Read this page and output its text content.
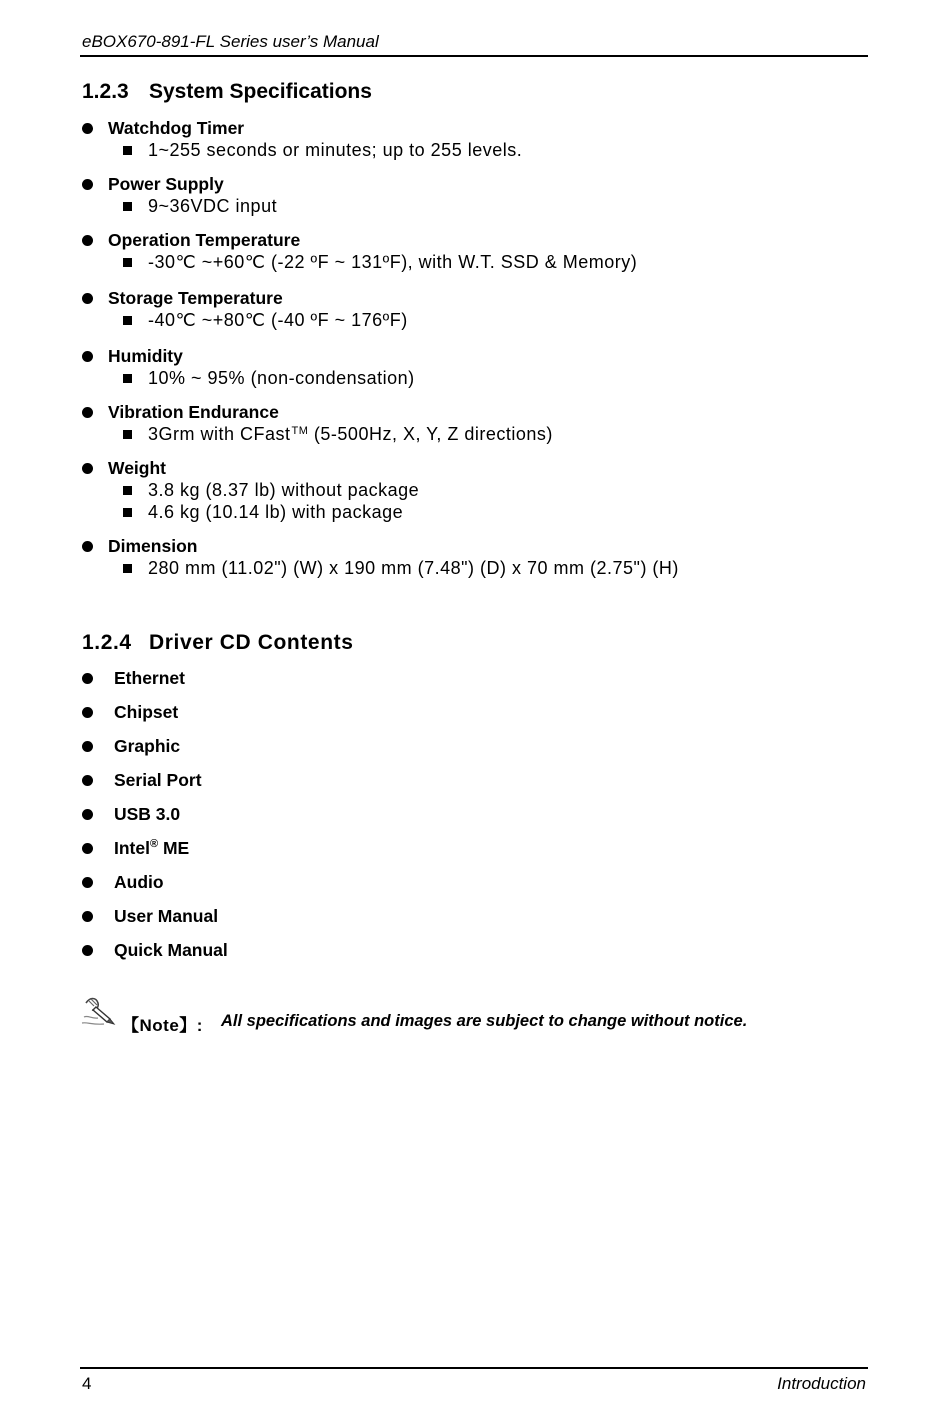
eBOX670-891-FL Series user’s Manual
1.2.3 System Specifications
Watchdog Timer
1~255 seconds or minutes; up to 255 levels.
Power Supply
9~36VDC input
Operation Temperature
-30℃ ~+60℃ (-22 ºF ~ 131ºF), with W.T. SSD & Memory)
Storage Temperature
-40℃ ~+80℃ (-40 ºF ~ 176ºF)
Humidity
10% ~ 95% (non-condensation)
Vibration Endurance
3Grm with CFast™ (5-500Hz, X, Y, Z directions)
Weight
3.8 kg (8.37 lb) without package
4.6 kg (10.14 lb) with package
Dimension
280 mm (11.02") (W) x 190 mm (7.48") (D) x 70 mm (2.75") (H)
1.2.4 Driver CD Contents
Ethernet
Chipset
Graphic
Serial Port
USB 3.0
Intel® ME
Audio
User Manual
Quick Manual
【Note】: All specifications and images are subject to change without notice.
4	Introduction
